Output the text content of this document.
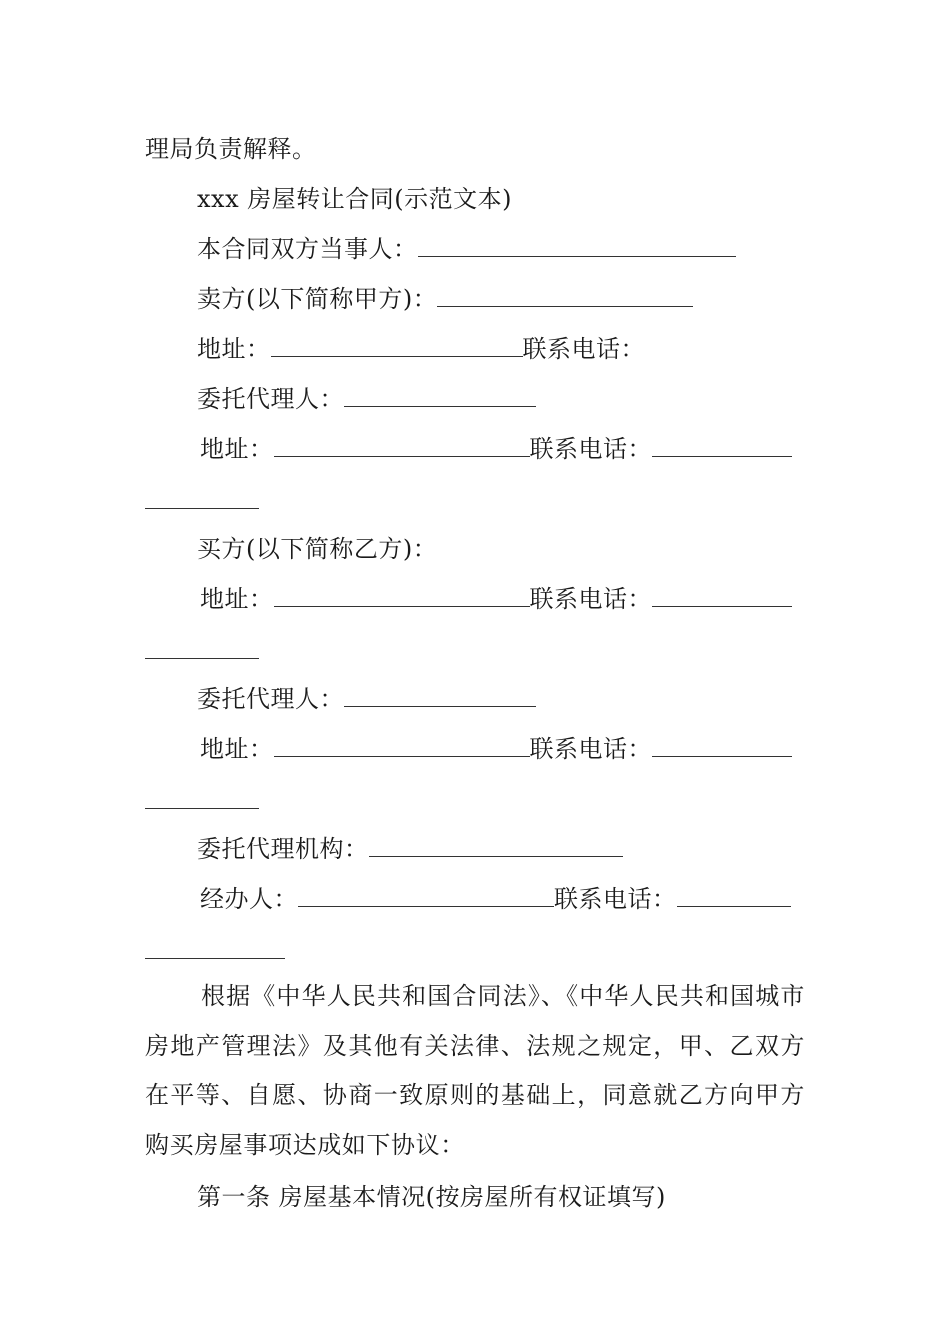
理局负责解释。
xxx 房屋转让合同(示范文本)
本合同双方当事人：
卖方(以下简称甲方)：
地址：	联系电话：
委托代理人：
地址：	联系电话：
买方(以下简称乙方)：
地址：	联系电话：
委托代理人：
地址：	联系电话：
委托代理机构：
经办人：	联系电话：
根据《中华人民共和国合同法》、《中华人民共和国城市房地产管理法》及其他有关法律、法规之规定，甲、乙双方在平等、自愿、协商一致原则的基础上，同意就乙方向甲方购买房屋事项达成如下协议：
第一条 房屋基本情况(按房屋所有权证填写)
